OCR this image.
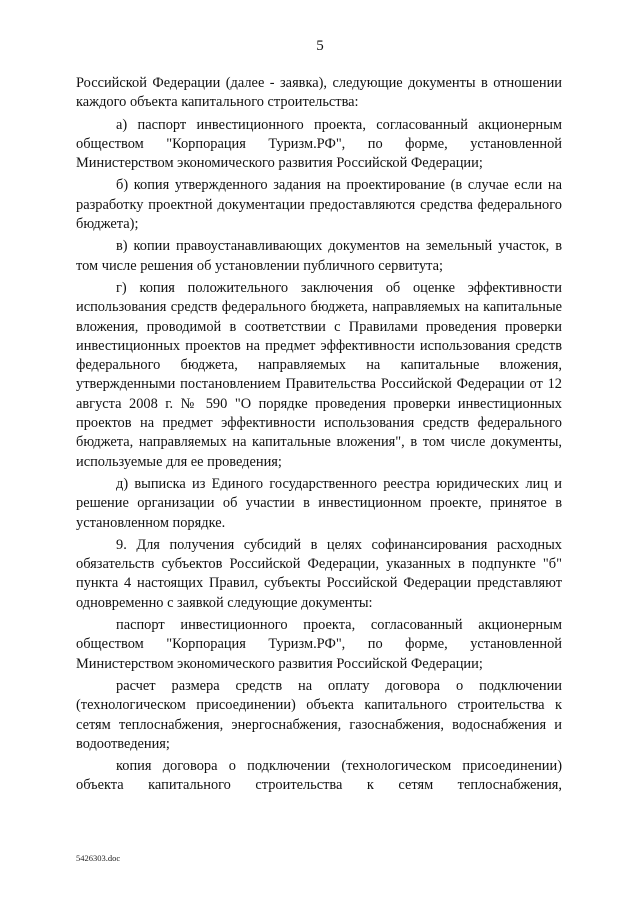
5

Российской Федерации (далее - заявка), следующие документы в отношении каждого объекта капитального строительства:

а) паспорт инвестиционного проекта, согласованный акционерным обществом "Корпорация Туризм.РФ", по форме, установленной Министерством экономического развития Российской Федерации;

б) копия утвержденного задания на проектирование (в случае если на разработку проектной документации предоставляются средства федерального бюджета);

в) копии правоустанавливающих документов на земельный участок, в том числе решения об установлении публичного сервитута;

г) копия положительного заключения об оценке эффективности использования средств федерального бюджета, направляемых на капитальные вложения, проводимой в соответствии с Правилами проведения проверки инвестиционных проектов на предмет эффективности использования средств федерального бюджета, направляемых на капитальные вложения, утвержденными постановлением Правительства Российской Федерации от 12 августа 2008 г. № 590 "О порядке проведения проверки инвестиционных проектов на предмет эффективности использования средств федерального бюджета, направляемых на капитальные вложения", в том числе документы, используемые для ее проведения;

д) выписка из Единого государственного реестра юридических лиц и решение организации об участии в инвестиционном проекте, принятое в установленном порядке.

9. Для получения субсидий в целях софинансирования расходных обязательств субъектов Российской Федерации, указанных в подпункте "б" пункта 4 настоящих Правил, субъекты Российской Федерации представляют одновременно с заявкой следующие документы:

паспорт инвестиционного проекта, согласованный акционерным обществом "Корпорация Туризм.РФ", по форме, установленной Министерством экономического развития Российской Федерации;

расчет размера средств на оплату договора о подключении (технологическом присоединении) объекта капитального строительства к сетям теплоснабжения, энергоснабжения, газоснабжения, водоснабжения и водоотведения;

копия договора о подключении (технологическом присоединении) объекта капитального строительства к сетям теплоснабжения,

5426303.doc
